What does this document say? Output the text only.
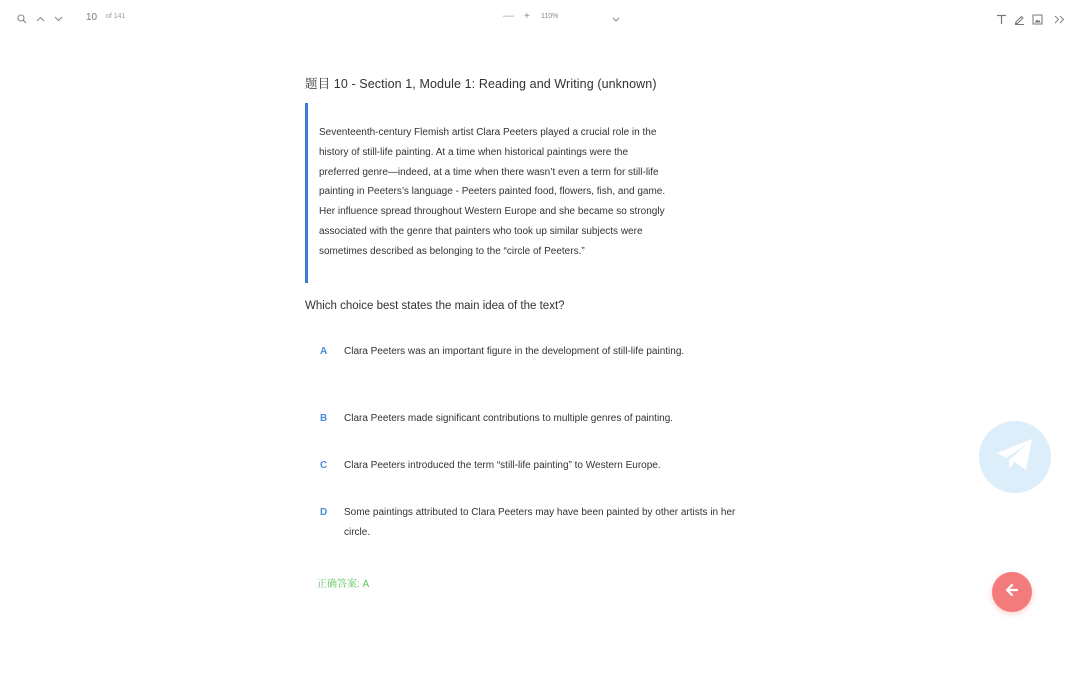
10 of 141	— + 110%
题目 10 - Section 1, Module 1: Reading and Writing (unknown)

Seventeenth-century Flemish artist Clara Peeters played a crucial role in the

history of still-life painting. At a time when historical paintings were the

preferred genre—indeed, at a time when there wasn’t even a term for still-life

painting in Peeters’s language - Peeters painted food, flowers, fish, and game.

Her influence spread throughout Western Europe and she became so strongly

associated with the genre that painters who took up similar subjects were

sometimes described as belonging to the “circle of Peeters.”

Which choice best states the main idea of the text?
A	Clara Peeters was an important figure in the development of still-life painting.
B	Clara Peeters made significant contributions to multiple genres of painting.
C	Clara Peeters introduced the term “still-life painting” to Western Europe.
D	Some paintings attributed to Clara Peeters may have been painted by other artists in her circle.
正确答案: A
